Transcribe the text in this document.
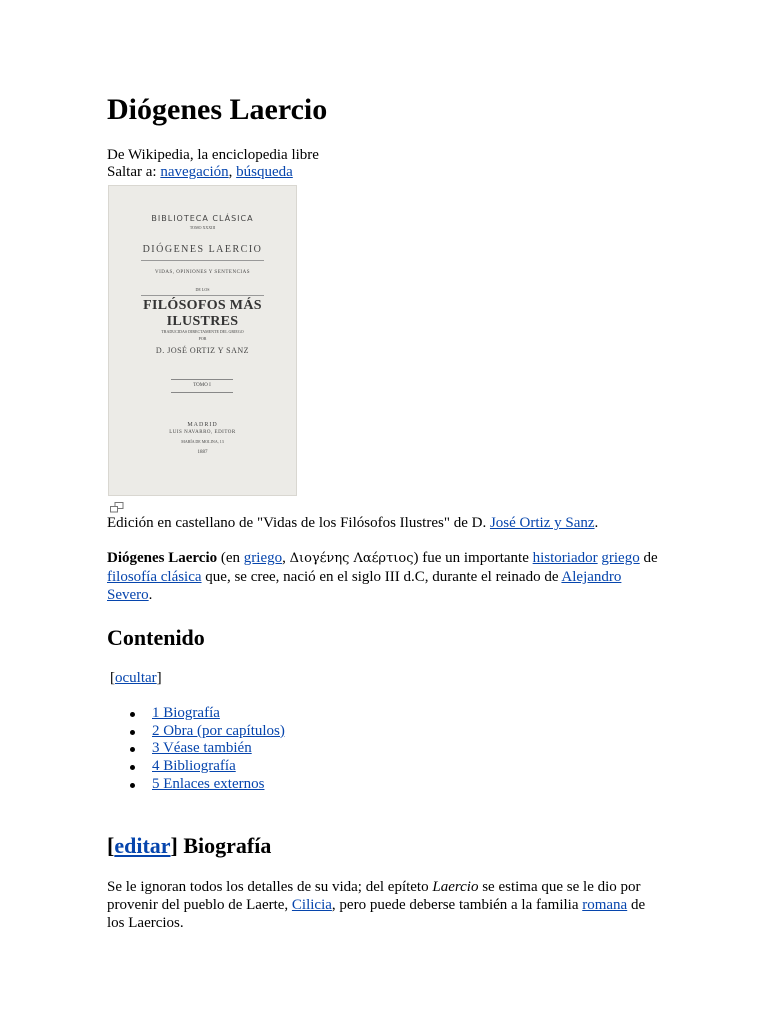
Diógenes Laercio
De Wikipedia, la enciclopedia libre
Saltar a: navegación, búsqueda
BIBLIOTECA CLÁSICA
TOMO XXXIII
DIÓGENES LAERCIO
VIDAS, OPINIONES Y SENTENCIAS
DE LOS
FILÓSOFOS MÁS ILUSTRES
TRADUCIDAS DIRECTAMENTE DEL GRIEGO
POR
D. JOSÉ ORTIZ Y SANZ
TOMO I
MADRID
LUIS NAVARRO, EDITOR
MARÍA DE MOLINA, 13
1887
Edición en castellano de "Vidas de los Filósofos Ilustres" de D. José Ortiz y Sanz.

Diógenes Laercio (en griego, Διογένης Λαέρτιος) fue un importante historiador griego de filosofía clásica que, se cree, nació en el siglo III d.C, durante el reinado de Alejandro Severo.

Contenido
[ocultar]
1 Biografía
2 Obra (por capítulos)
3 Véase también
4 Bibliografía
5 Enlaces externos
[editar] Biografía

Se le ignoran todos los detalles de su vida; del epíteto Laercio se estima que se le dio por provenir del pueblo de Laerte, Cilicia, pero puede deberse también a la familia romana de los Laercios.
